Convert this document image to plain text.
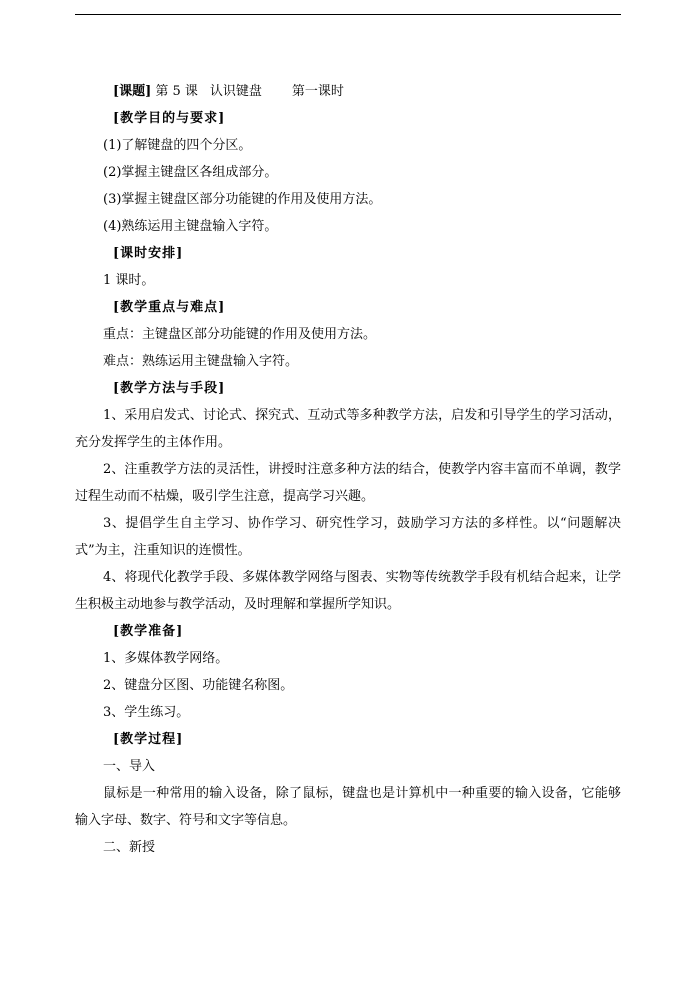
[课题] 第 5 课 认识键盘 第一课时
[教学目的与要求]
(1)了解键盘的四个分区。
(2)掌握主键盘区各组成部分。
(3)掌握主键盘区部分功能键的作用及使用方法。
(4)熟练运用主键盘输入字符。
[课时安排]
1 课时。
[教学重点与难点]
重点：主键盘区部分功能键的作用及使用方法。
难点：熟练运用主键盘输入字符。
[教学方法与手段]

1、采用启发式、讨论式、探究式、互动式等多种教学方法，启发和引导学生的学习活动，充分发挥学生的主体作用。

2、注重教学方法的灵活性，讲授时注意多种方法的结合，使教学内容丰富而不单调，教学过程生动而不枯燥，吸引学生注意，提高学习兴趣。

3、提倡学生自主学习、协作学习、研究性学习，鼓励学习方法的多样性。以“问题解决式”为主，注重知识的连惯性。

4、将现代化教学手段、多媒体教学网络与图表、实物等传统教学手段有机结合起来，让学生积极主动地参与教学活动，及时理解和掌握所学知识。

[教学准备]
1、多媒体教学网络。
2、键盘分区图、功能键名称图。
3、学生练习。
[教学过程]
一、导入

鼠标是一种常用的输入设备，除了鼠标，键盘也是计算机中一种重要的输入设备，它能够输入字母、数字、符号和文字等信息。

二、新授
